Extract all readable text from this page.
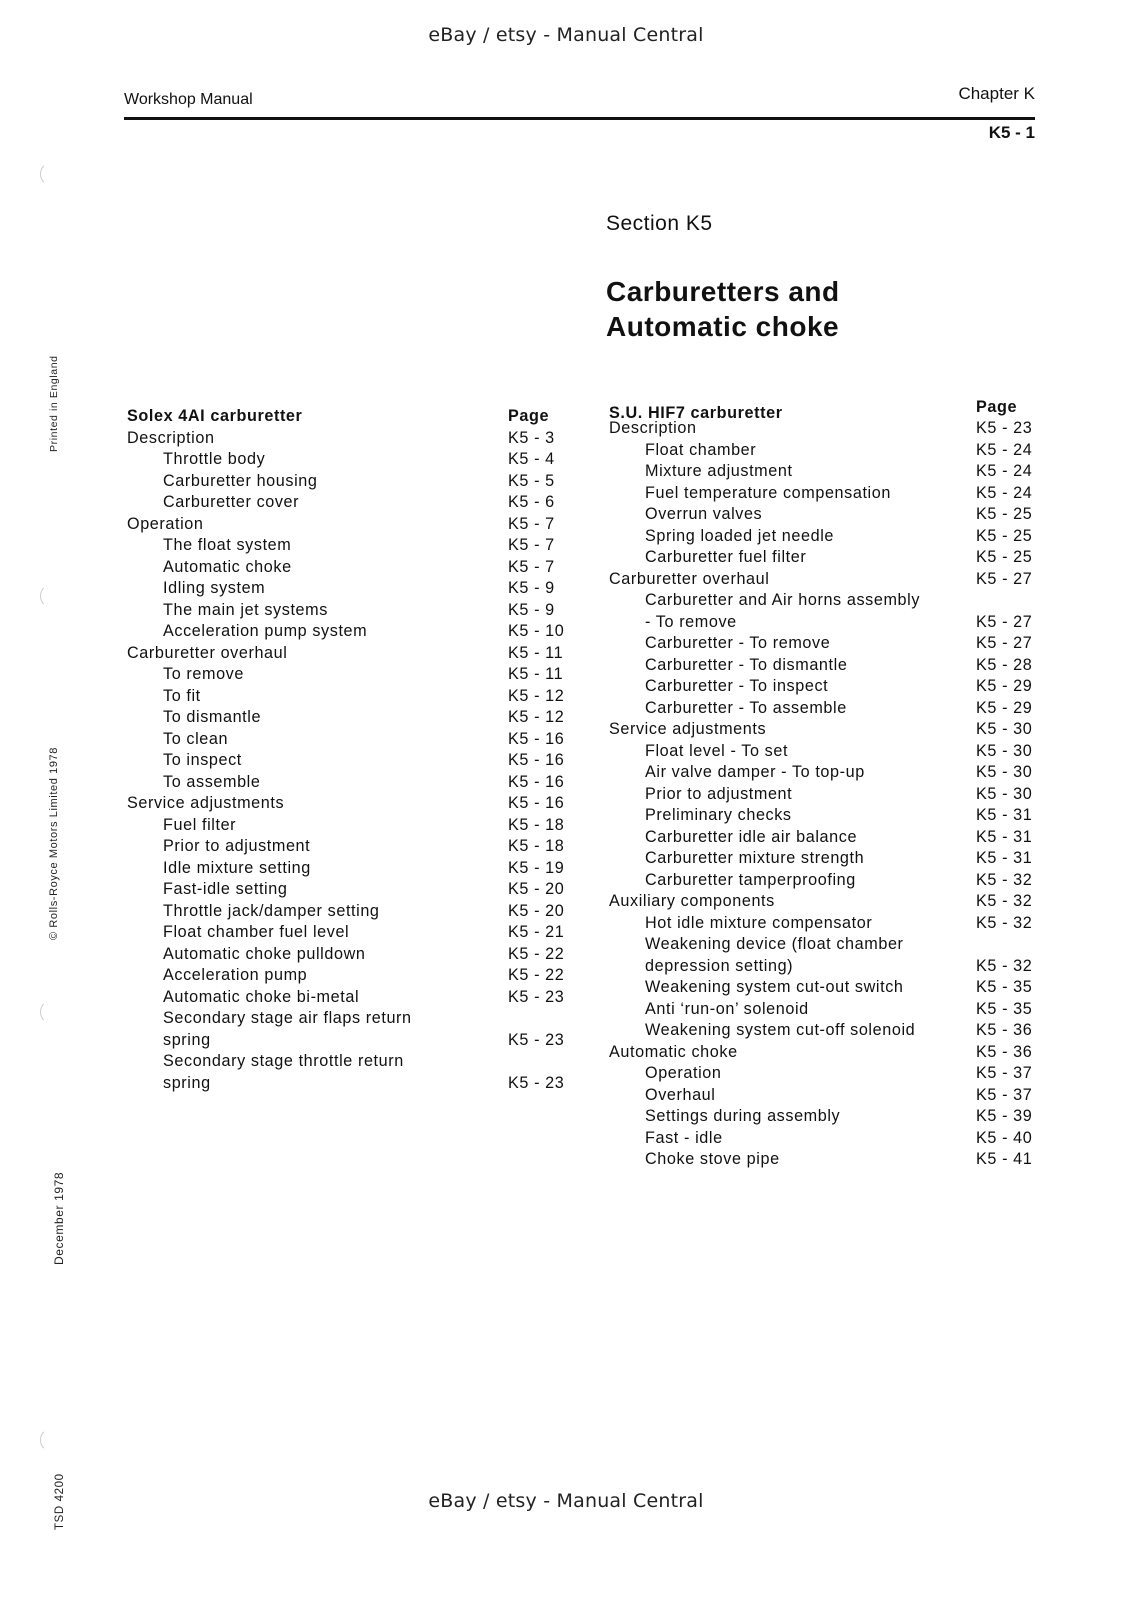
eBay / etsy - Manual Central
Workshop Manual	Chapter K
K5 - 1
Section K5
Carburetters and
Automatic choke
Printed in England
© Rolls-Royce Motors Limited 1978
December 1978
TSD 4200
Solex 4AI carburetter	Page
Description	K5 - 3
Throttle body	K5 - 4
Carburetter housing	K5 - 5
Carburetter cover	K5 - 6
Operation	K5 - 7
The float system	K5 - 7
Automatic choke	K5 - 7
Idling system	K5 - 9
The main jet systems	K5 - 9
Acceleration pump system	K5 - 10
Carburetter overhaul	K5 - 11
To remove	K5 - 11
To fit	K5 - 12
To dismantle	K5 - 12
To clean	K5 - 16
To inspect	K5 - 16
To assemble	K5 - 16
Service adjustments	K5 - 16
Fuel filter	K5 - 18
Prior to adjustment	K5 - 18
Idle mixture setting	K5 - 19
Fast-idle setting	K5 - 20
Throttle jack/damper setting	K5 - 20
Float chamber fuel level	K5 - 21
Automatic choke pulldown	K5 - 22
Acceleration pump	K5 - 22
Automatic choke bi-metal	K5 - 23
Secondary stage air flaps return spring	K5 - 23
Secondary stage throttle return spring	K5 - 23
S.U. HIF7 carburetter	Page
Description	K5 - 23
Float chamber	K5 - 24
Mixture adjustment	K5 - 24
Fuel temperature compensation	K5 - 24
Overrun valves	K5 - 25
Spring loaded jet needle	K5 - 25
Carburetter fuel filter	K5 - 25
Carburetter overhaul	K5 - 27
Carburetter and Air horns assembly - To remove	K5 - 27
Carburetter - To remove	K5 - 27
Carburetter - To dismantle	K5 - 28
Carburetter - To inspect	K5 - 29
Carburetter - To assemble	K5 - 29
Service adjustments	K5 - 30
Float level - To set	K5 - 30
Air valve damper - To top-up	K5 - 30
Prior to adjustment	K5 - 30
Preliminary checks	K5 - 31
Carburetter idle air balance	K5 - 31
Carburetter mixture strength	K5 - 31
Carburetter tamperproofing	K5 - 32
Auxiliary components	K5 - 32
Hot idle mixture compensator	K5 - 32
Weakening device (float chamber depression setting)	K5 - 32
Weakening system cut-out switch	K5 - 35
Anti ‘run-on’ solenoid	K5 - 35
Weakening system cut-off solenoid	K5 - 36
Automatic choke	K5 - 36
Operation	K5 - 37
Overhaul	K5 - 37
Settings during assembly	K5 - 39
Fast - idle	K5 - 40
Choke stove pipe	K5 - 41
eBay / etsy - Manual Central
